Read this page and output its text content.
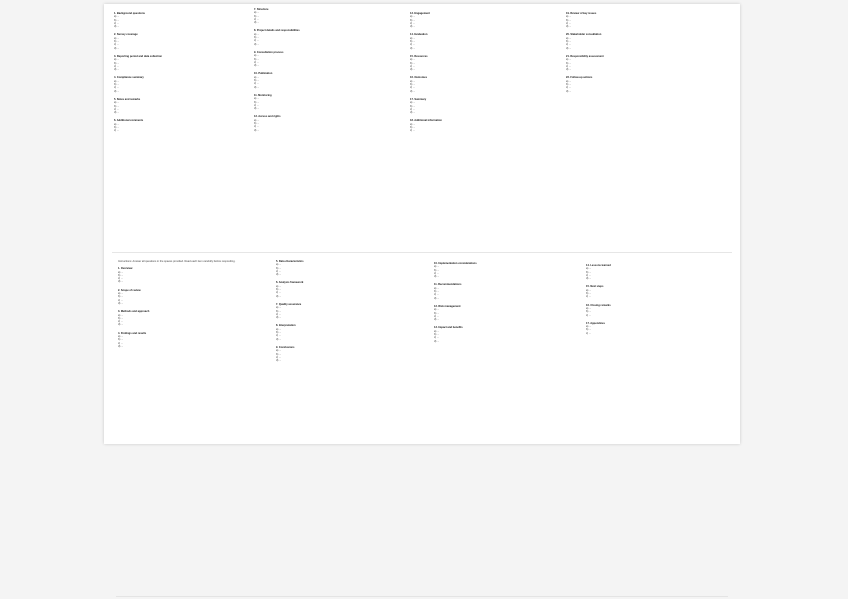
1. Background questions
a) ...
b) ...
c) ...
d) ...
2. Survey coverage
a) ...
b) ...
c) ...
d) ...
3. Reporting period and data collection
a) ...
b) ...
c) ...
d) ...
4. Compliance summary
a) ...
b) ...
c) ...
d) ...
5. Notes and remarks
a) ...
b) ...
c) ...
d) ...
6. Additional comments
a) ...
b) ...
c) ...
7. Structure
a) ...
b) ...
c) ...
d) ...
8. Project details and responsibilities
a) ...
b) ...
c) ...
d) ...
9. Consultation process
a) ...
b) ...
c) ...
d) ...
10. Publication
a) ...
b) ...
c) ...
d) ...
11. Monitoring
a) ...
b) ...
c) ...
d) ...
12. Access and rights
a) ...
b) ...
c) ...
d) ...
13. Engagement
a) ...
b) ...
c) ...
d) ...
14. Evaluation
a) ...
b) ...
c) ...
d) ...
15. Resources
a) ...
b) ...
c) ...
d) ...
16. Outcomes
a) ...
b) ...
c) ...
d) ...
17. Summary
a) ...
b) ...
c) ...
d) ...
18. Additional information
a) ...
b) ...
c) ...
19. Review of key issues
a) ...
b) ...
c) ...
d) ...
20. Stakeholder consultation
a) ...
b) ...
c) ...
d) ...
21. Responsibility assessment
a) ...
b) ...
c) ...
d) ...
22. Follow-up actions
a) ...
b) ...
c) ...
d) ...
Instructions: Answer all questions in the spaces provided. Read each item carefully before responding.
1. Overview
a) ...
b) ...
c) ...
d) ...
2. Scope of review
a) ...
b) ...
c) ...
d) ...
3. Methods and approach
a) ...
b) ...
c) ...
d) ...
4. Findings and results
a) ...
b) ...
c) ...
d) ...
5. Data characteristics
a) ...
b) ...
c) ...
d) ...
6. Analysis framework
a) ...
b) ...
c) ...
d) ...
7. Quality assurance
a) ...
b) ...
c) ...
d) ...
8. Interpretation
a) ...
b) ...
c) ...
d) ...
9. Conclusions
a) ...
b) ...
c) ...
d) ...
10. Implementation considerations
a) ...
b) ...
c) ...
d) ...
11. Recommendations
a) ...
b) ...
c) ...
d) ...
12. Risk management
a) ...
b) ...
c) ...
d) ...
13. Impact and benefits
a) ...
b) ...
c) ...
d) ...
14. Lessons learned
a) ...
b) ...
c) ...
d) ...
15. Next steps
a) ...
b) ...
c) ...
16. Closing remarks
a) ...
b) ...
c) ...
17. Appendices
a) ...
b) ...
c) ...
